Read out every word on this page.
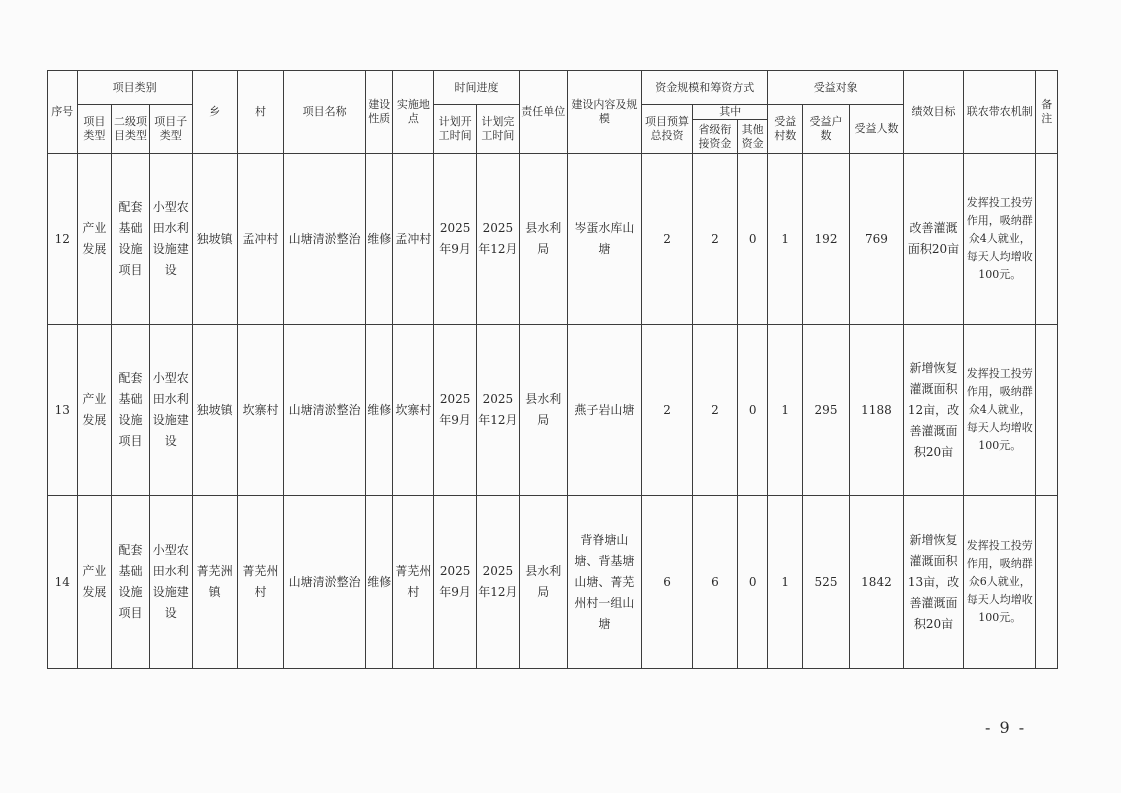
序号	项目类别			乡	村	项目名称	建设性质	实施地点	时间进度		责任单位	建设内容及规模	资金规模和筹资方式			受益对象			绩效目标	联农带农机制	备注
	项目类型	二级项目类型	项目子类型						计划开工时间	计划完工时间			项目预算总投资	其中		受益村数	受益户数	受益人数			
														省级衔接资金	其他资金						
12	产业发展	配套基础设施项目	小型农田水利设施建设	独坡镇	孟冲村	山塘清淤整治	维修	孟冲村	2025年9月	2025年12月	县水利局	岑蛋水库山塘	2	2	0	1	192	769	改善灌溉面积20亩	发挥投工投劳作用，吸纳群众4人就业，每天人均增收100元。	
13	产业发展	配套基础设施项目	小型农田水利设施建设	独坡镇	坎寨村	山塘清淤整治	维修	坎寨村	2025年9月	2025年12月	县水利局	燕子岩山塘	2	2	0	1	295	1188	新增恢复灌溉面积12亩，改善灌溉面积20亩	发挥投工投劳作用，吸纳群众4人就业，每天人均增收100元。	
14	产业发展	配套基础设施项目	小型农田水利设施建设	菁芜洲镇	菁芜州村	山塘清淤整治	维修	菁芜州村	2025年9月	2025年12月	县水利局	背脊塘山塘、背基塘山塘、菁芜州村一组山塘	6	6	0	1	525	1842	新增恢复灌溉面积13亩，改善灌溉面积20亩	发挥投工投劳作用，吸纳群众6人就业，每天人均增收100元。	
- 9 -
